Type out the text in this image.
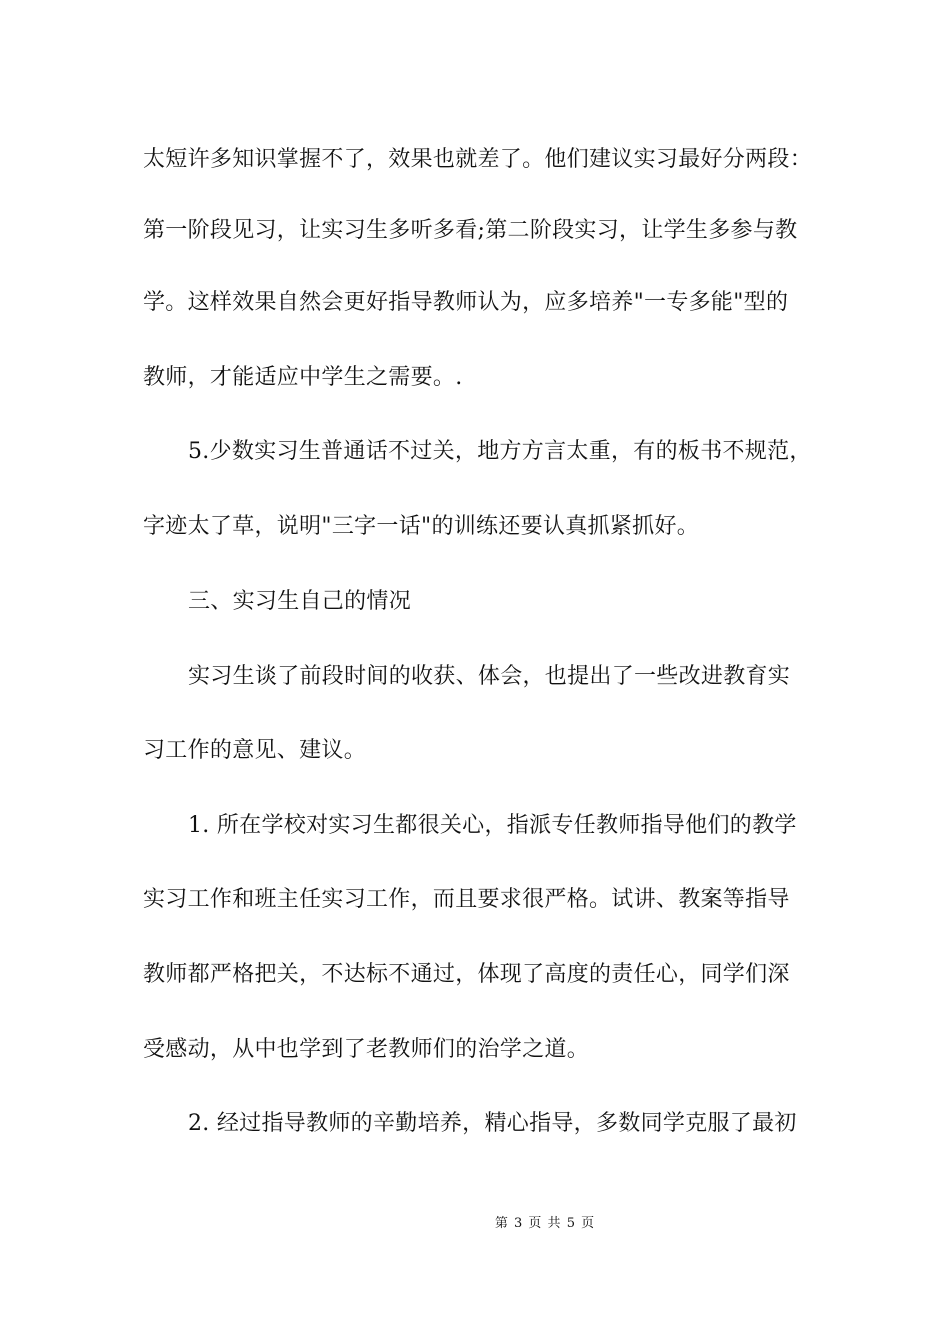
太短许多知识掌握不了，效果也就差了。他们建议实习最好分两段：
第一阶段见习，让实习生多听多看;第二阶段实习，让学生多参与教
学。这样效果自然会更好指导教师认为，应多培养"一专多能"型的
教师，才能适应中学生之需要。.
5.少数实习生普通话不过关，地方方言太重，有的板书不规范，
字迹太了草，说明"三字一话"的训练还要认真抓紧抓好。
三、实习生自己的情况
实习生谈了前段时间的收获、体会，也提出了一些改进教育实
习工作的意见、建议。
1. 所在学校对实习生都很关心，指派专任教师指导他们的教学
实习工作和班主任实习工作，而且要求很严格。试讲、教案等指导
教师都严格把关，不达标不通过，体现了高度的责任心，同学们深
受感动，从中也学到了老教师们的治学之道。
2. 经过指导教师的辛勤培养，精心指导，多数同学克服了最初
第 3 页 共 5 页
